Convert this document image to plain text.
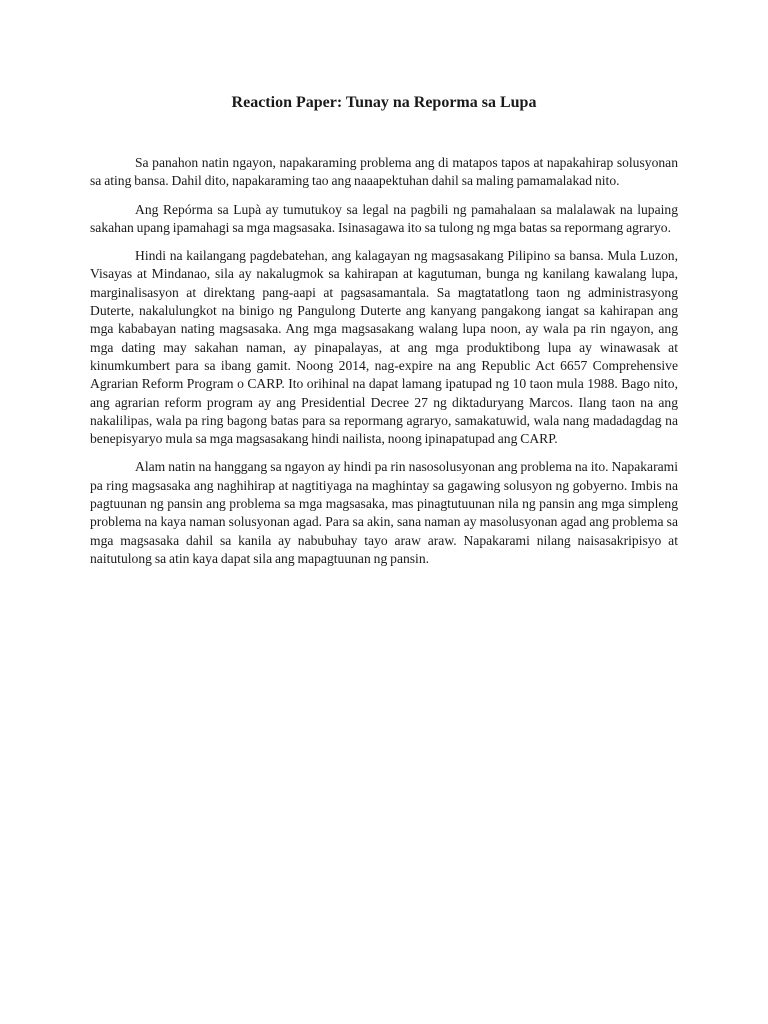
Reaction Paper: Tunay na Reporma sa Lupa

Sa panahon natin ngayon, napakaraming problema ang di matapos tapos at napakahirap solusyonan sa ating bansa. Dahil dito, napakaraming tao ang naaapektuhan dahil sa maling pamamalakad nito.

Ang Repórma sa Lupà ay tumutukoy sa legal na pagbili ng pamahalaan sa malalawak na lupaing sakahan upang ipamahagi sa mga magsasaka. Isinasagawa ito sa tulong ng mga batas sa repormang agraryo.

Hindi na kailangang pagdebatehan, ang kalagayan ng magsasakang Pilipino sa bansa. Mula Luzon, Visayas at Mindanao, sila ay nakalugmok sa kahirapan at kagutuman, bunga ng kanilang kawalang lupa, marginalisasyon at direktang pang-aapi at pagsasamantala. Sa magtatatlong taon ng administrasyong Duterte, nakalulungkot na binigo ng Pangulong Duterte ang kanyang pangakong iangat sa kahirapan ang mga kababayan nating magsasaka. Ang mga magsasakang walang lupa noon, ay wala pa rin ngayon, ang mga dating may sakahan naman, ay pinapalayas, at ang mga produktibong lupa ay winawasak at kinumkumbert para sa ibang gamit. Noong 2014, nag-expire na ang Republic Act 6657 Comprehensive Agrarian Reform Program o CARP. Ito orihinal na dapat lamang ipatupad ng 10 taon mula 1988. Bago nito, ang agrarian reform program ay ang Presidential Decree 27 ng diktaduryang Marcos. Ilang taon na ang nakalilipas, wala pa ring bagong batas para sa repormang agraryo, samakatuwid, wala nang madadagdag na benepisyaryo mula sa mga magsasakang hindi nailista, noong ipinapatupad ang CARP.

Alam natin na hanggang sa ngayon ay hindi pa rin nasosolusyonan ang problema na ito. Napakarami pa ring magsasaka ang naghihirap at nagtitiyaga na maghintay sa gagawing solusyon ng gobyerno. Imbis na pagtuunan ng pansin ang problema sa mga magsasaka, mas pinagtutuunan nila ng pansin ang mga simpleng problema na kaya naman solusyonan agad. Para sa akin, sana naman ay masolusyonan agad ang problema sa mga magsasaka dahil sa kanila ay nabubuhay tayo araw araw. Napakarami nilang naisasakripisyo at naitutulong sa atin kaya dapat sila ang mapagtuunan ng pansin.
